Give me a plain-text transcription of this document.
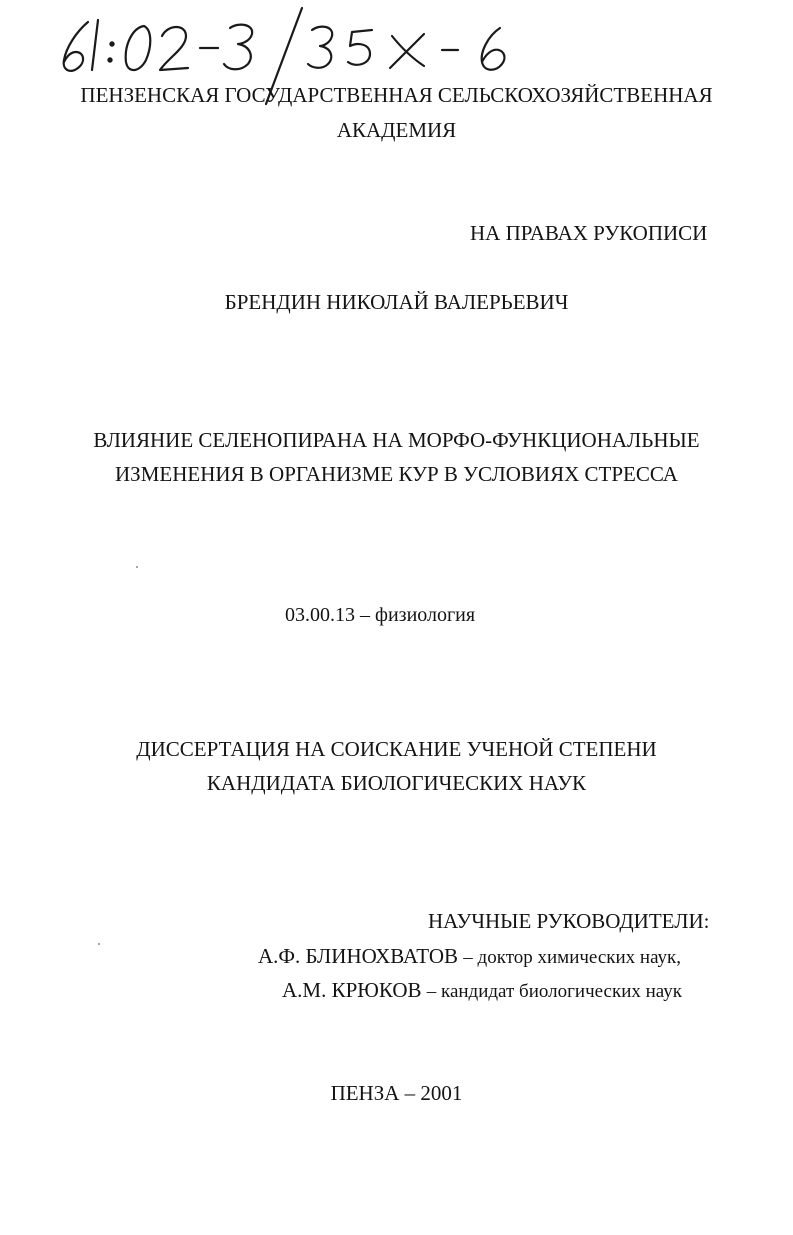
ПЕНЗЕНСКАЯ ГОСУДАРСТВЕННАЯ СЕЛЬСКОХОЗЯЙСТВЕННАЯ
АКАДЕМИЯ
НА ПРАВАХ РУКОПИСИ
БРЕНДИН НИКОЛАЙ ВАЛЕРЬЕВИЧ
ВЛИЯНИЕ СЕЛЕНОПИРАНА НА МОРФО-ФУНКЦИОНАЛЬНЫЕ
ИЗМЕНЕНИЯ В ОРГАНИЗМЕ КУР В УСЛОВИЯХ СТРЕССА
03.00.13 – физиология
ДИССЕРТАЦИЯ НА СОИСКАНИЕ УЧЕНОЙ СТЕПЕНИ
КАНДИДАТА БИОЛОГИЧЕСКИХ НАУК
НАУЧНЫЕ РУКОВОДИТЕЛИ:
А.Ф. БЛИНОХВАТОВ – доктор химических наук,
А.М. КРЮКОВ – кандидат биологических наук
ПЕНЗА – 2001
